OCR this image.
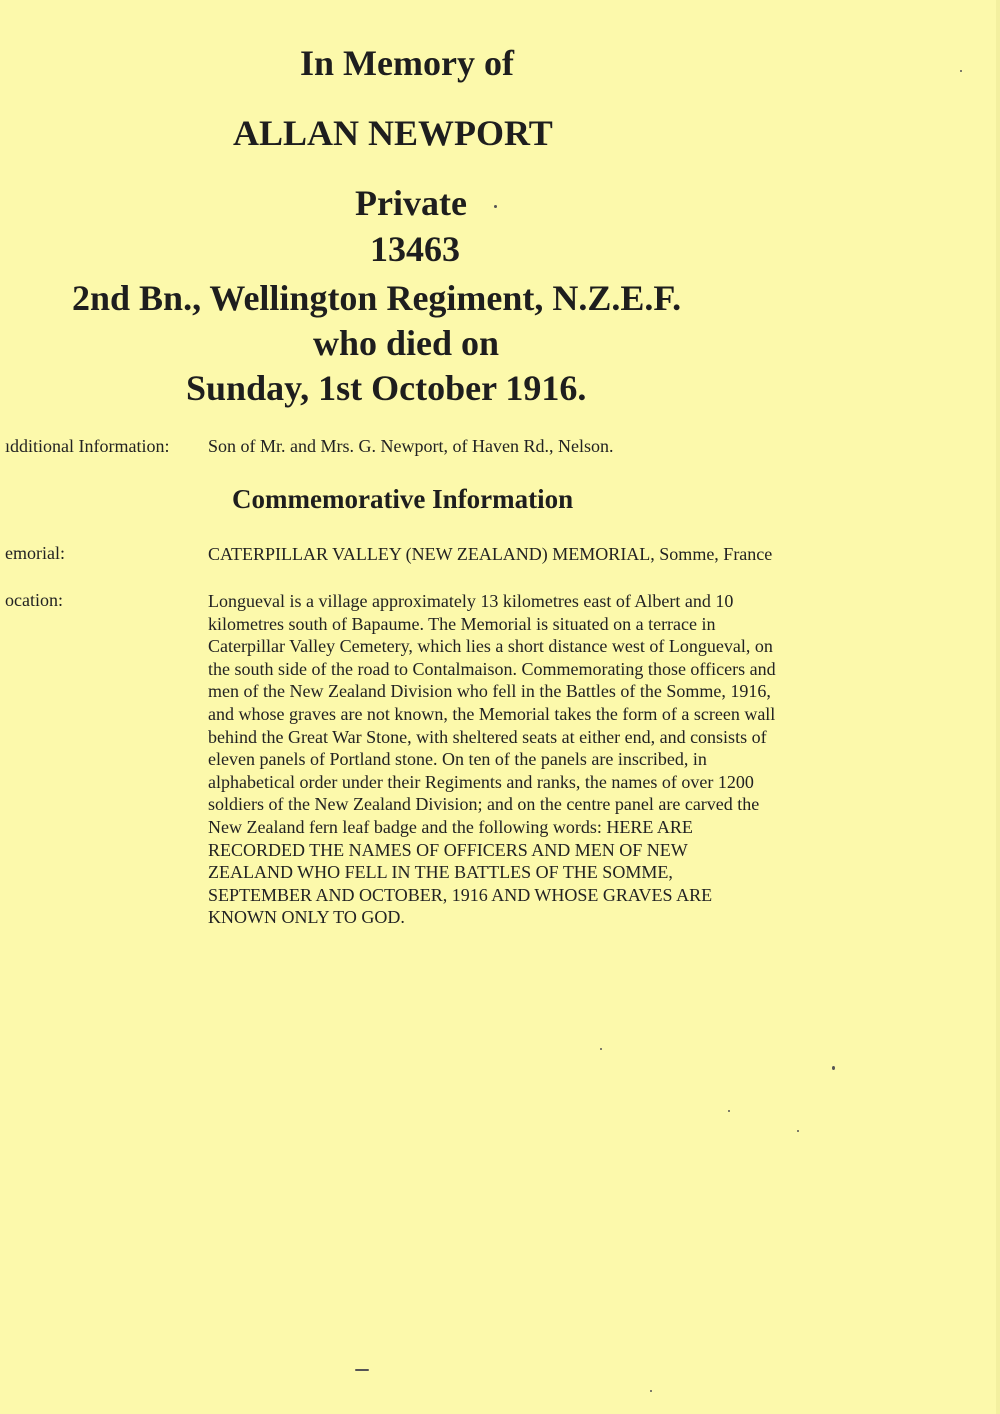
In Memory of
ALLAN NEWPORT
Private
13463
2nd Bn., Wellington Regiment, N.Z.E.F.
who died on
Sunday, 1st October 1916.
ıdditional Information: Son of Mr. and Mrs. G. Newport, of Haven Rd., Nelson.
Commemorative Information
emorial:	CATERPILLAR VALLEY (NEW ZEALAND) MEMORIAL, Somme, France
ocation:	Longueval is a village approximately 13 kilometres east of Albert and 10
kilometres south of Bapaume. The Memorial is situated on a terrace in
Caterpillar Valley Cemetery, which lies a short distance west of Longueval, on
the south side of the road to Contalmaison. Commemorating those officers and
men of the New Zealand Division who fell in the Battles of the Somme, 1916,
and whose graves are not known, the Memorial takes the form of a screen wall
behind the Great War Stone, with sheltered seats at either end, and consists of
eleven panels of Portland stone. On ten of the panels are inscribed, in
alphabetical order under their Regiments and ranks, the names of over 1200
soldiers of the New Zealand Division; and on the centre panel are carved the
New Zealand fern leaf badge and the following words: HERE ARE
RECORDED THE NAMES OF OFFICERS AND MEN OF NEW
ZEALAND WHO FELL IN THE BATTLES OF THE SOMME,
SEPTEMBER AND OCTOBER, 1916 AND WHOSE GRAVES ARE
KNOWN ONLY TO GOD.
